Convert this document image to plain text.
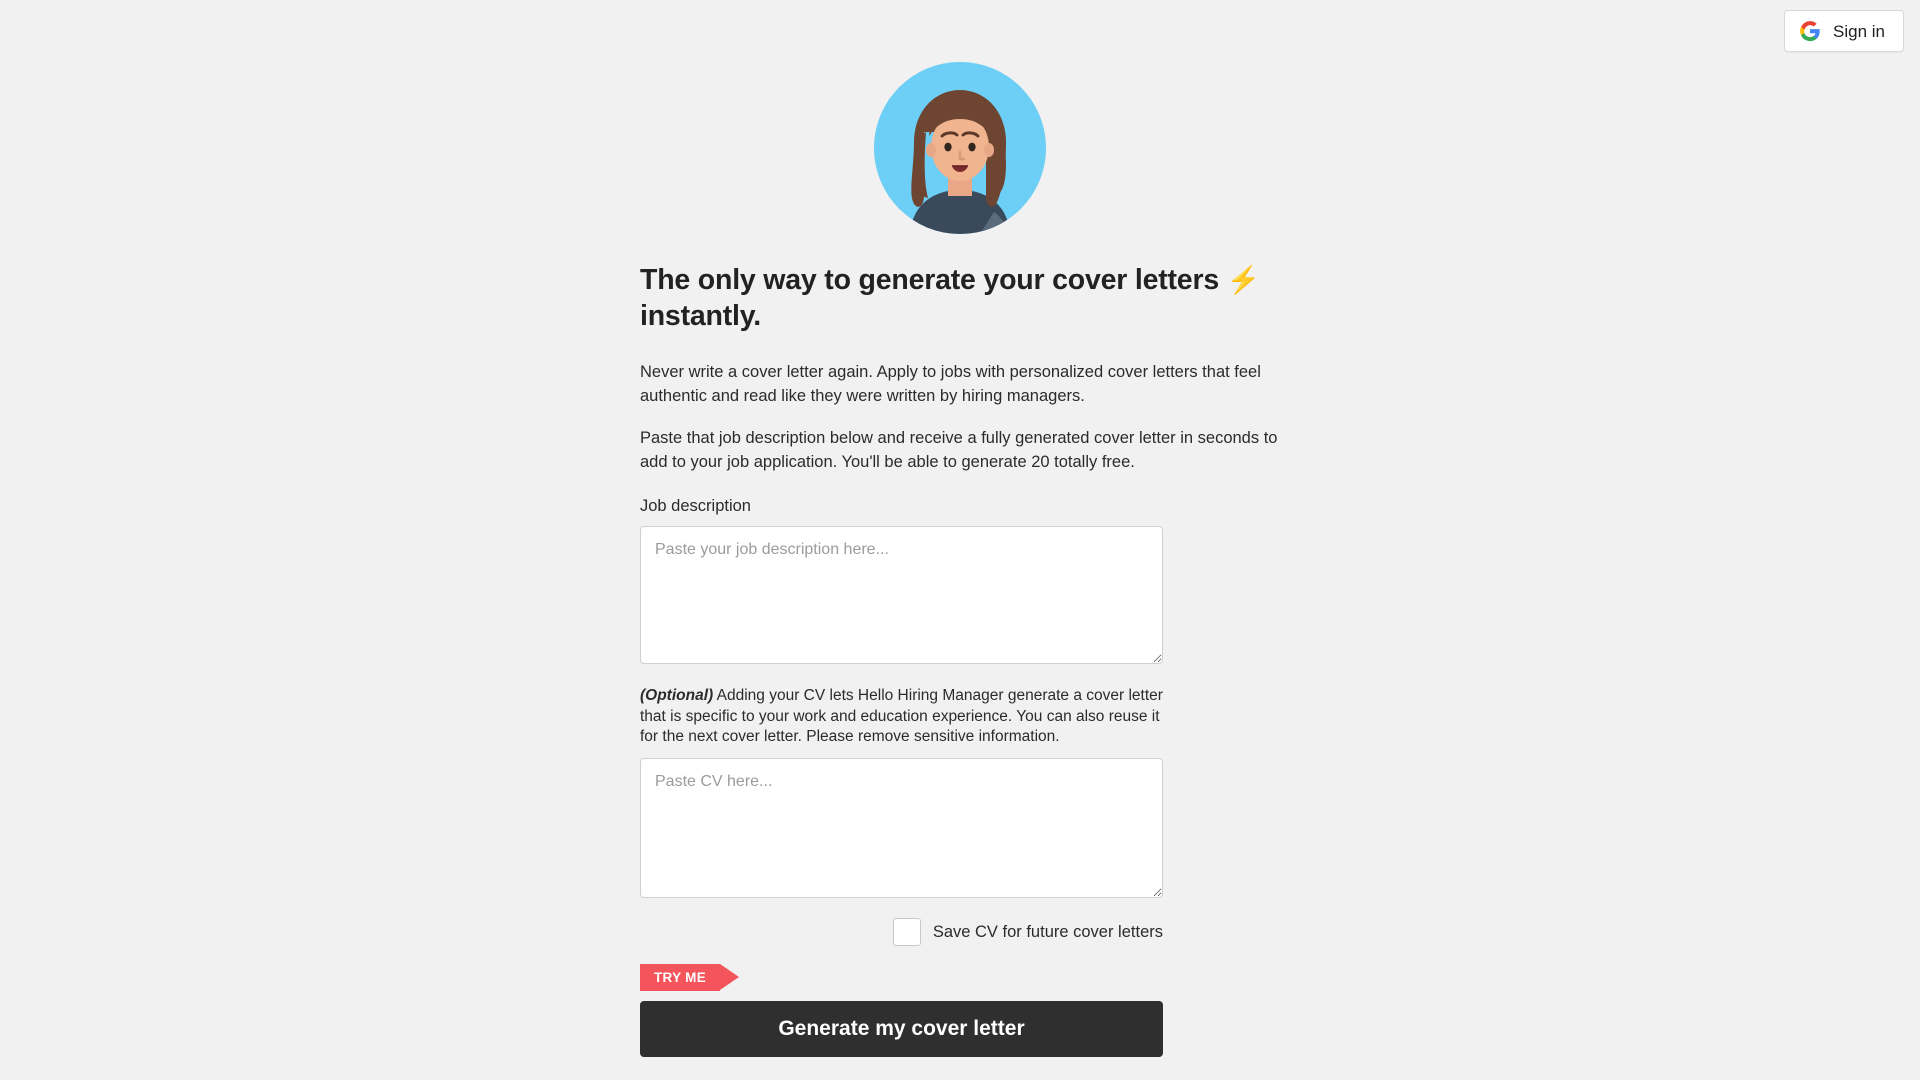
Sign in
The only way to generate your cover letters ⚡ instantly.

Never write a cover letter again. Apply to jobs with personalized cover letters that feel authentic and read like they were written by hiring managers.

Paste that job description below and receive a fully generated cover letter in seconds to add to your job application. You'll be able to generate 20 totally free.

Job description
Paste your job description here...

(Optional) Adding your CV lets Hello Hiring Manager generate a cover letter that is specific to your work and education experience. You can also reuse it for the next cover letter. Please remove sensitive information.

Paste CV here...
Save CV for future cover letters
TRY ME
Generate my cover letter
